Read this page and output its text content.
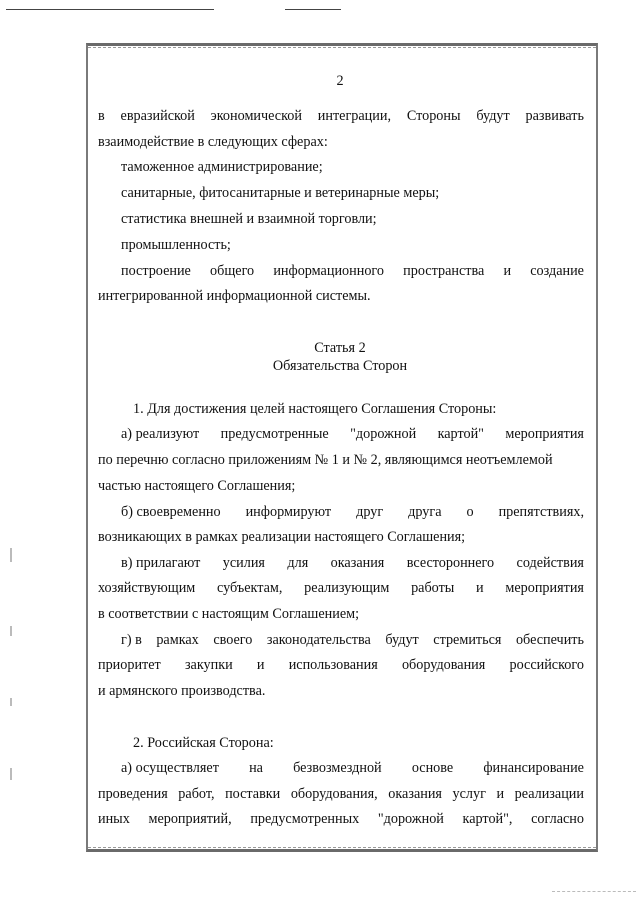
2

в евразийской экономической интеграции, Стороны будут развивать

взаимодействие в следующих сферах:

таможенное администрирование;

санитарные, фитосанитарные и ветеринарные меры;

статистика внешней и взаимной торговли;

промышленность;

построение общего информационного пространства и создание

интегрированной информационной системы.

Статья 2

Обязательства Сторон

1. Для достижения целей настоящего Соглашения Стороны:

а) реализуют предусмотренные "дорожной картой" мероприятия

по перечню согласно приложениям № 1 и № 2, являющимся неотъемлемой

частью настоящего Соглашения;

б) своевременно информируют друг друга о препятствиях,

возникающих в рамках реализации настоящего Соглашения;

в) прилагают усилия для оказания всестороннего содействия

хозяйствующим субъектам, реализующим работы и мероприятия

в соответствии с настоящим Соглашением;

г) в рамках своего законодательства будут стремиться обеспечить

приоритет закупки и использования оборудования российского

и армянского производства.

2. Российская Сторона:

а) осуществляет на безвозмездной основе финансирование

проведения работ, поставки оборудования, оказания услуг и реализации

иных мероприятий, предусмотренных "дорожной картой", согласно
